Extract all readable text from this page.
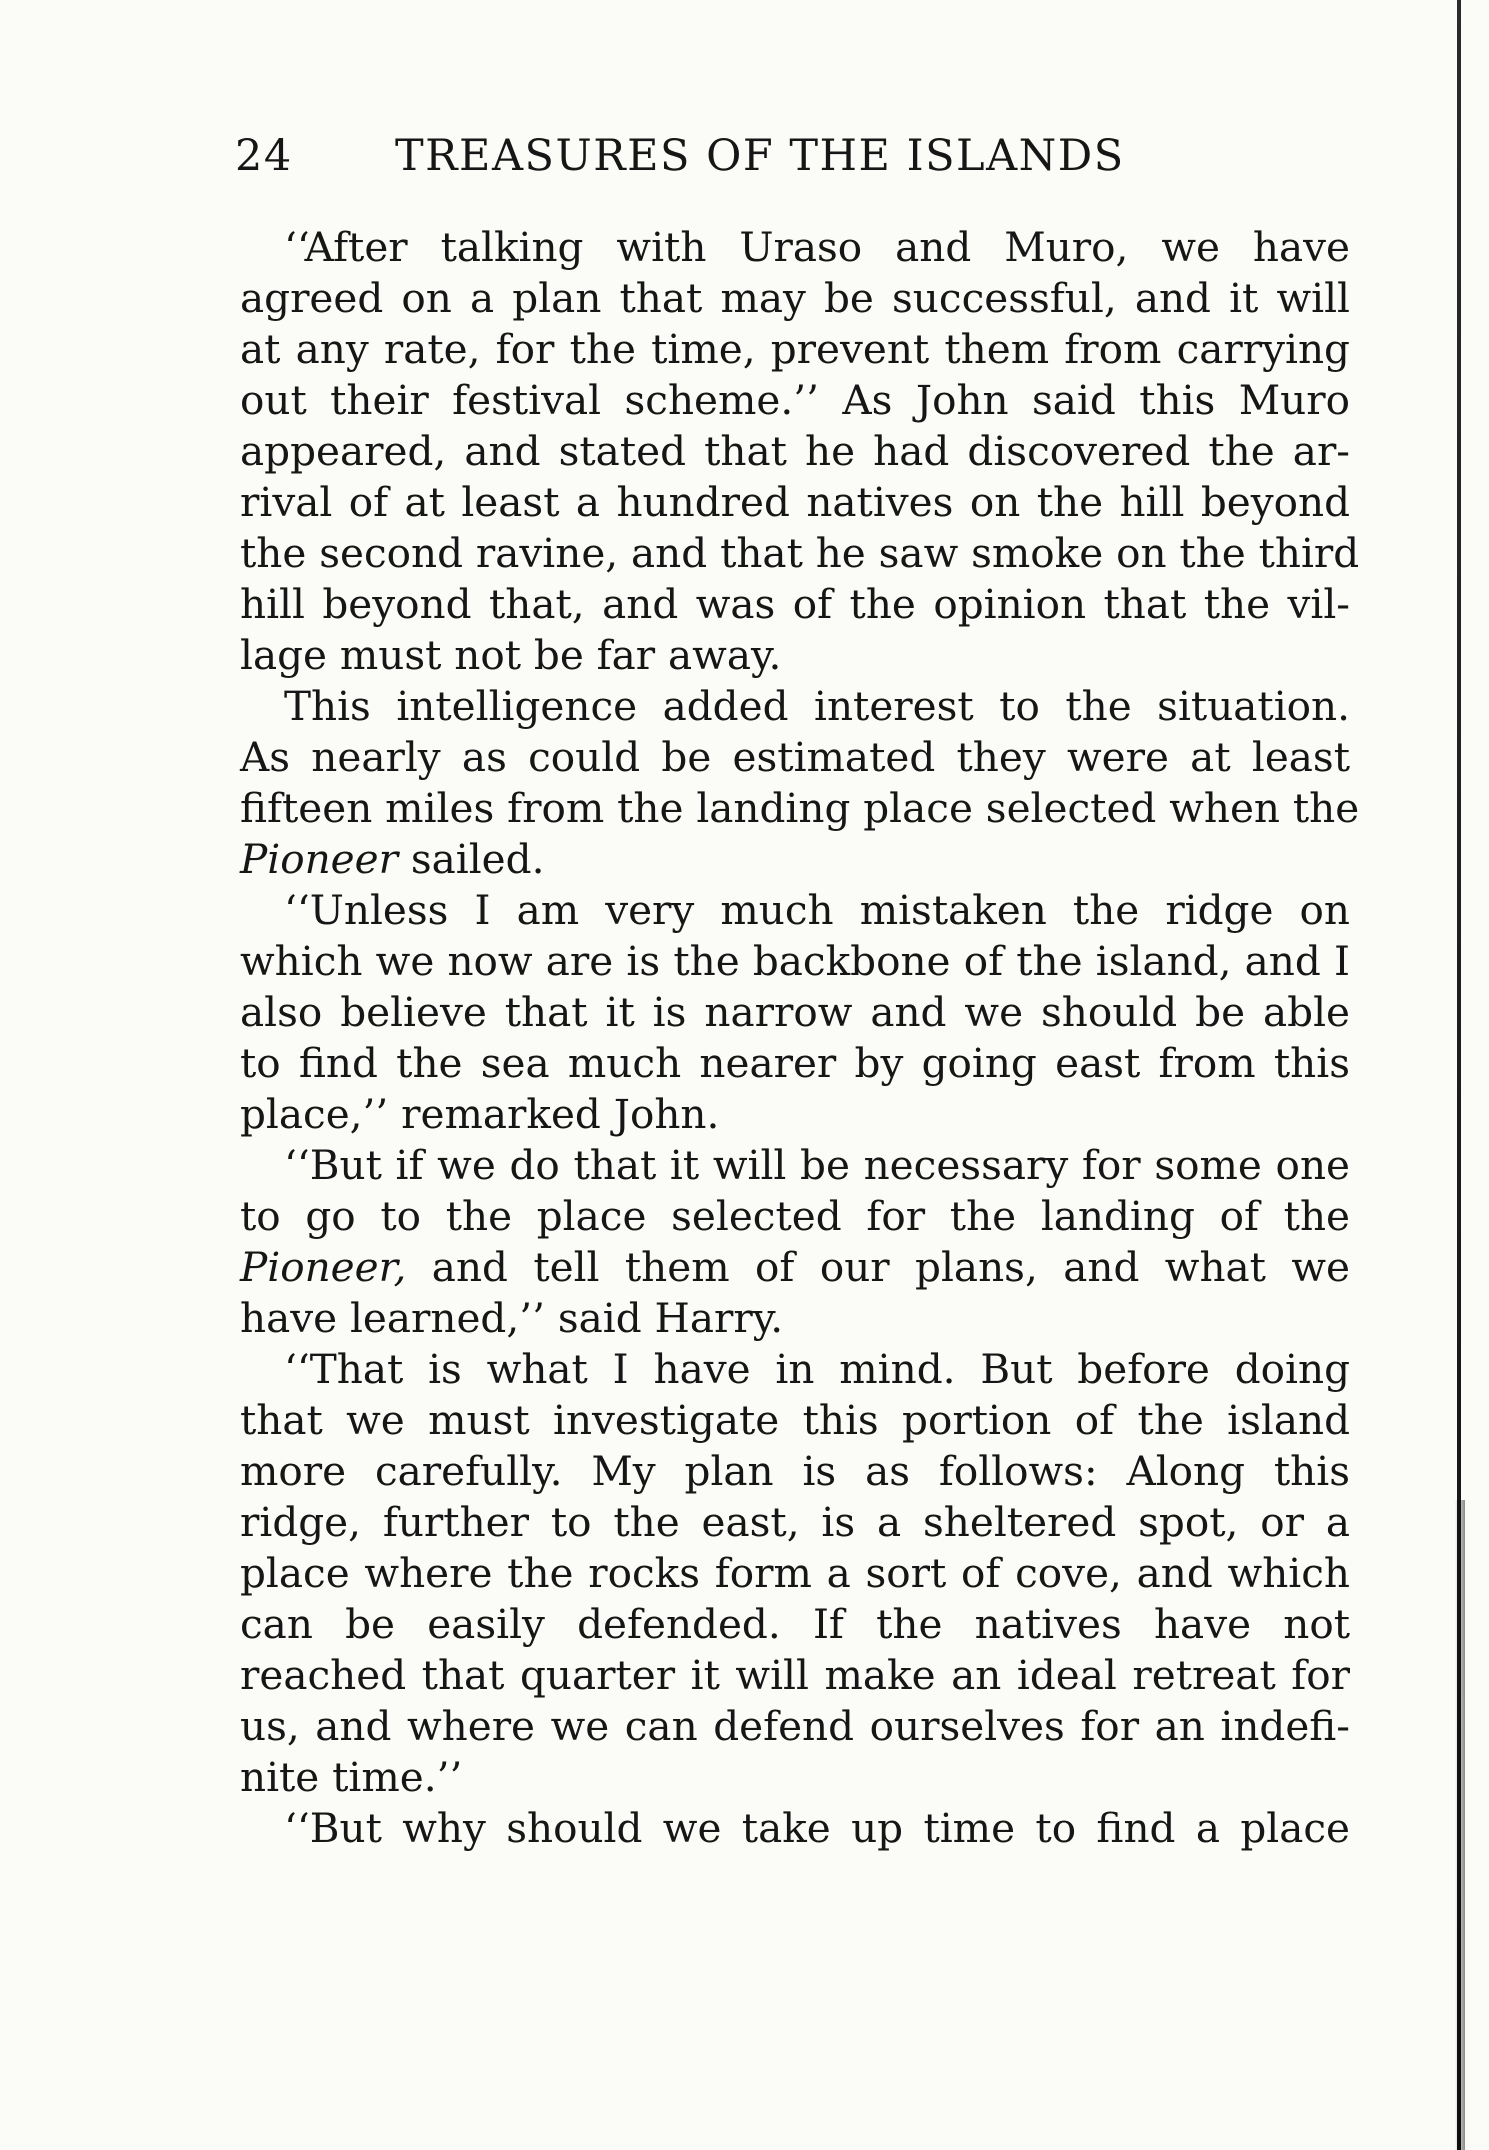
24 TREASURES OF THE ISLANDS
‘‘After talking with Uraso and Muro, we have
agreed on a plan that may be successful, and it will
at any rate, for the time, prevent them from carrying
out their festival scheme.’’ As John said this Muro
appeared, and stated that he had discovered the ar-
rival of at least a hundred natives on the hill beyond
the second ravine, and that he saw smoke on the third
hill beyond that, and was of the opinion that the vil-
lage must not be far away.
This intelligence added interest to the situation.
As nearly as could be estimated they were at least
fifteen miles from the landing place selected when the
Pioneer sailed.
‘‘Unless I am very much mistaken the ridge on
which we now are is the backbone of the island, and I
also believe that it is narrow and we should be able
to find the sea much nearer by going east from this
place,’’ remarked John.
‘‘But if we do that it will be necessary for some one
to go to the place selected for the landing of the
Pioneer, and tell them of our plans, and what we
have learned,’’ said Harry.
‘‘That is what I have in mind. But before doing
that we must investigate this portion of the island
more carefully. My plan is as follows: Along this
ridge, further to the east, is a sheltered spot, or a
place where the rocks form a sort of cove, and which
can be easily defended. If the natives have not
reached that quarter it will make an ideal retreat for
us, and where we can defend ourselves for an indefi-
nite time.’’
‘‘But why should we take up time to find a place
